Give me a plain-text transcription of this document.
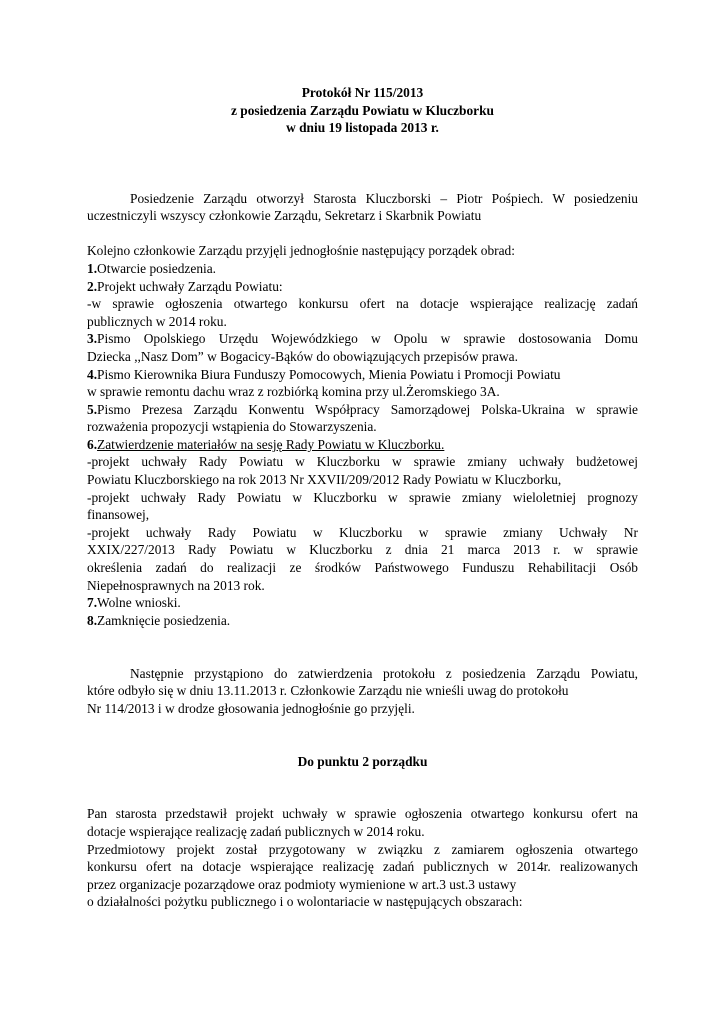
Protokół Nr 115/2013

z posiedzenia Zarządu Powiatu w Kluczborku

w dniu 19 listopada 2013 r.

Posiedzenie Zarządu otworzył Starosta Kluczborski – Piotr Pośpiech. W posiedzeniu

uczestniczyli wszyscy członkowie Zarządu, Sekretarz i Skarbnik Powiatu

Kolejno członkowie Zarządu przyjęli jednogłośnie następujący porządek obrad:

1.Otwarcie posiedzenia.

2.Projekt uchwały Zarządu Powiatu:

-w sprawie ogłoszenia otwartego konkursu ofert na dotacje wspierające realizację zadań

publicznych w 2014 roku.

3.Pismo Opolskiego Urzędu Wojewódzkiego w Opolu w sprawie dostosowania Domu

Dziecka ,,Nasz Dom” w Bogacicy-Bąków do obowiązujących przepisów prawa.

4.Pismo Kierownika Biura Funduszy Pomocowych, Mienia Powiatu i Promocji Powiatu

w sprawie remontu dachu wraz z rozbiórką komina przy ul.Żeromskiego 3A.

5.Pismo Prezesa Zarządu Konwentu Współpracy Samorządowej Polska-Ukraina w sprawie

rozważenia propozycji wstąpienia do Stowarzyszenia.

6.Zatwierdzenie materiałów na sesję Rady Powiatu w Kluczborku.

-projekt uchwały Rady Powiatu w Kluczborku w sprawie zmiany uchwały budżetowej

Powiatu Kluczborskiego na rok 2013 Nr XXVII/209/2012 Rady Powiatu w Kluczborku,

-projekt uchwały Rady Powiatu w Kluczborku w sprawie zmiany wieloletniej prognozy

finansowej,

-projekt uchwały Rady Powiatu w Kluczborku w sprawie zmiany Uchwały Nr

XXIX/227/2013 Rady Powiatu w Kluczborku z dnia 21 marca 2013 r. w sprawie

określenia zadań do realizacji ze środków Państwowego Funduszu Rehabilitacji Osób

Niepełnosprawnych na 2013 rok.

7.Wolne wnioski.

8.Zamknięcie posiedzenia.

Następnie przystąpiono do zatwierdzenia protokołu z posiedzenia Zarządu Powiatu,

które odbyło się w dniu 13.11.2013 r. Członkowie Zarządu nie wnieśli uwag do protokołu

Nr 114/2013 i w drodze głosowania jednogłośnie go przyjęli.

Do punktu 2 porządku

Pan starosta przedstawił projekt uchwały w sprawie ogłoszenia otwartego konkursu ofert na

dotacje wspierające realizację zadań publicznych w 2014 roku.

Przedmiotowy projekt został przygotowany w związku z zamiarem ogłoszenia otwartego

konkursu ofert na dotacje wspierające realizację zadań publicznych w 2014r. realizowanych

przez organizacje pozarządowe oraz podmioty wymienione w art.3 ust.3 ustawy

o działalności pożytku publicznego i o wolontariacie w następujących obszarach:
